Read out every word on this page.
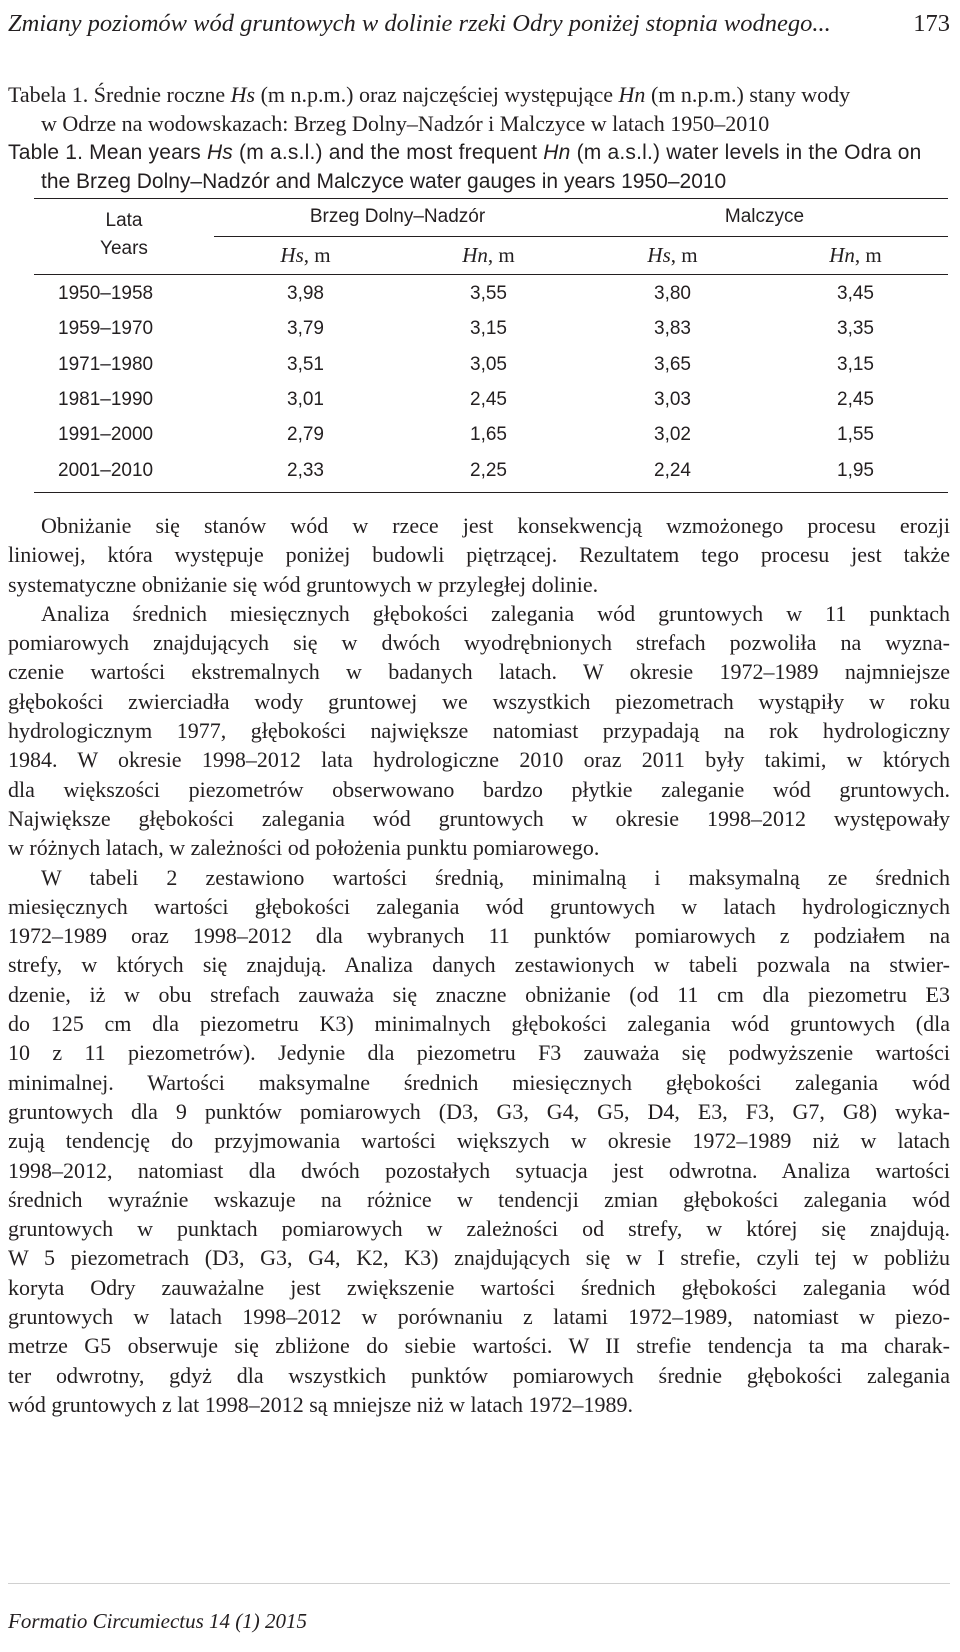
Zmiany poziomów wód gruntowych w dolinie rzeki Odry poniżej stopnia wodnego...	173
Tabela 1. Średnie roczne Hs (m n.p.m.) oraz najczęściej występujące Hn (m n.p.m.) stany wody
w Odrze na wodowskazach: Brzeg Dolny–Nadzór i Malczyce w latach 1950–2010
Table 1. Mean years Hs (m a.s.l.) and the most frequent Hn (m a.s.l.) water levels in the Odra on
the Brzeg Dolny–Nadzór and Malczyce water gauges in years 1950–2010
Lata
Years
Brzeg Dolny–Nadzór	Malczyce
Hs, m	Hn, m	Hs, m	Hn, m
1950–1958	3,98	3,55	3,80	3,45
1959–1970	3,79	3,15	3,83	3,35
1971–1980	3,51	3,05	3,65	3,15
1981–1990	3,01	2,45	3,03	2,45
1991–2000	2,79	1,65	3,02	1,55
2001–2010	2,33	2,25	2,24	1,95

Obniżanie się stanów wód w rzece jest konsekwencją wzmożonego procesu erozji
liniowej, która występuje poniżej budowli piętrzącej. Rezultatem tego procesu jest także
systematyczne obniżanie się wód gruntowych w przyległej dolinie.

Analiza średnich miesięcznych głębokości zalegania wód gruntowych w 11 punktach
pomiarowych znajdujących się w dwóch wyodrębnionych strefach pozwoliła na wyzna-
czenie wartości ekstremalnych w badanych latach. W okresie 1972–1989 najmniejsze
głębokości zwierciadła wody gruntowej we wszystkich piezometrach wystąpiły w roku
hydrologicznym 1977, głębokości największe natomiast przypadają na rok hydrologiczny
1984. W okresie 1998–2012 lata hydrologiczne 2010 oraz 2011 były takimi, w których
dla większości piezometrów obserwowano bardzo płytkie zaleganie wód gruntowych.
Największe głębokości zalegania wód gruntowych w okresie 1998–2012 występowały
w różnych latach, w zależności od położenia punktu pomiarowego.

W tabeli 2 zestawiono wartości średnią, minimalną i maksymalną ze średnich
miesięcznych wartości głębokości zalegania wód gruntowych w latach hydrologicznych
1972–1989 oraz 1998–2012 dla wybranych 11 punktów pomiarowych z podziałem na
strefy, w których się znajdują. Analiza danych zestawionych w tabeli pozwala na stwier-
dzenie, iż w obu strefach zauważa się znaczne obniżanie (od 11 cm dla piezometru E3
do 125 cm dla piezometru K3) minimalnych głębokości zalegania wód gruntowych (dla
10 z 11 piezometrów). Jedynie dla piezometru F3 zauważa się podwyższenie wartości
minimalnej. Wartości maksymalne średnich miesięcznych głębokości zalegania wód
gruntowych dla 9 punktów pomiarowych (D3, G3, G4, G5, D4, E3, F3, G7, G8) wyka-
zują tendencję do przyjmowania wartości większych w okresie 1972–1989 niż w latach
1998–2012, natomiast dla dwóch pozostałych sytuacja jest odwrotna. Analiza wartości
średnich wyraźnie wskazuje na różnice w tendencji zmian głębokości zalegania wód
gruntowych w punktach pomiarowych w zależności od strefy, w której się znajdują.
W 5 piezometrach (D3, G3, G4, K2, K3) znajdujących się w I strefie, czyli tej w pobliżu
koryta Odry zauważalne jest zwiększenie wartości średnich głębokości zalegania wód
gruntowych w latach 1998–2012 w porównaniu z latami 1972–1989, natomiast w piezo-
metrze G5 obserwuje się zbliżone do siebie wartości. W II strefie tendencja ta ma charak-
ter odwrotny, gdyż dla wszystkich punktów pomiarowych średnie głębokości zalegania
wód gruntowych z lat 1998–2012 są mniejsze niż w latach 1972–1989.

Formatio Circumiectus 14 (1) 2015
